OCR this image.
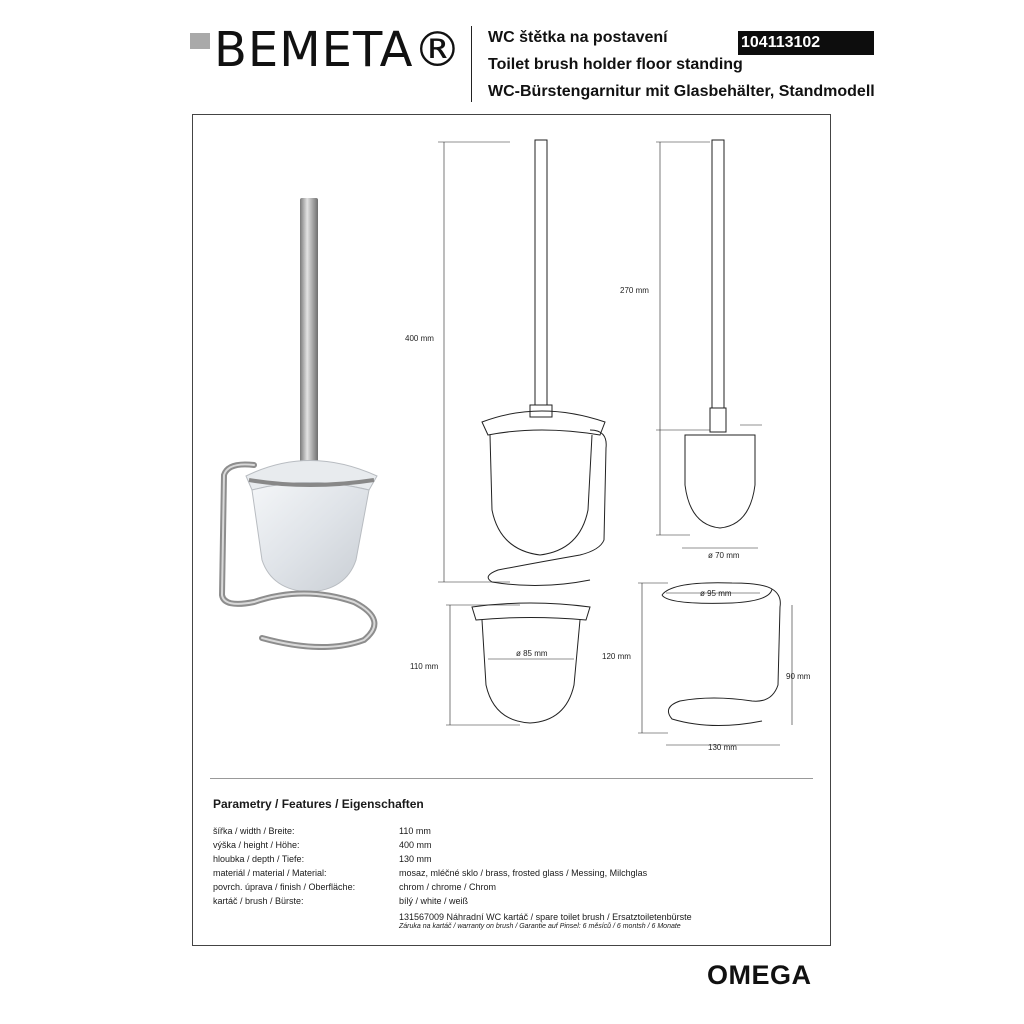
BEMETA® WC štětka na postavení
Toilet brush holder floor standing
WC-Bürstengarnitur mit Glasbehälter, Standmodell
104113102
400 mm
270 mm
ø 70 mm
ø 95 mm
120 mm
110 mm
ø 85 mm
90 mm
130 mm
Parametry / Features / Eigenschaften
šířka / width / Breite:	110 mm
výška / height / Höhe:	400 mm
hloubka / depth / Tiefe:	130 mm
materiál / material / Material:	mosaz, mléčné sklo / brass, frosted glass / Messing, Milchglas
povrch. úprava / finish / Oberfläche:	chrom / chrome / Chrom
kartáč / brush / Bürste:	bílý / white / weiß
131567009 Náhradní WC kartáč / spare toilet brush / Ersatztoiletenbürste
Záruka na kartáč / warranty on brush / Garantie auf Pinsel: 6 měsíců / 6 montsh / 6 Monate
OMEGA
